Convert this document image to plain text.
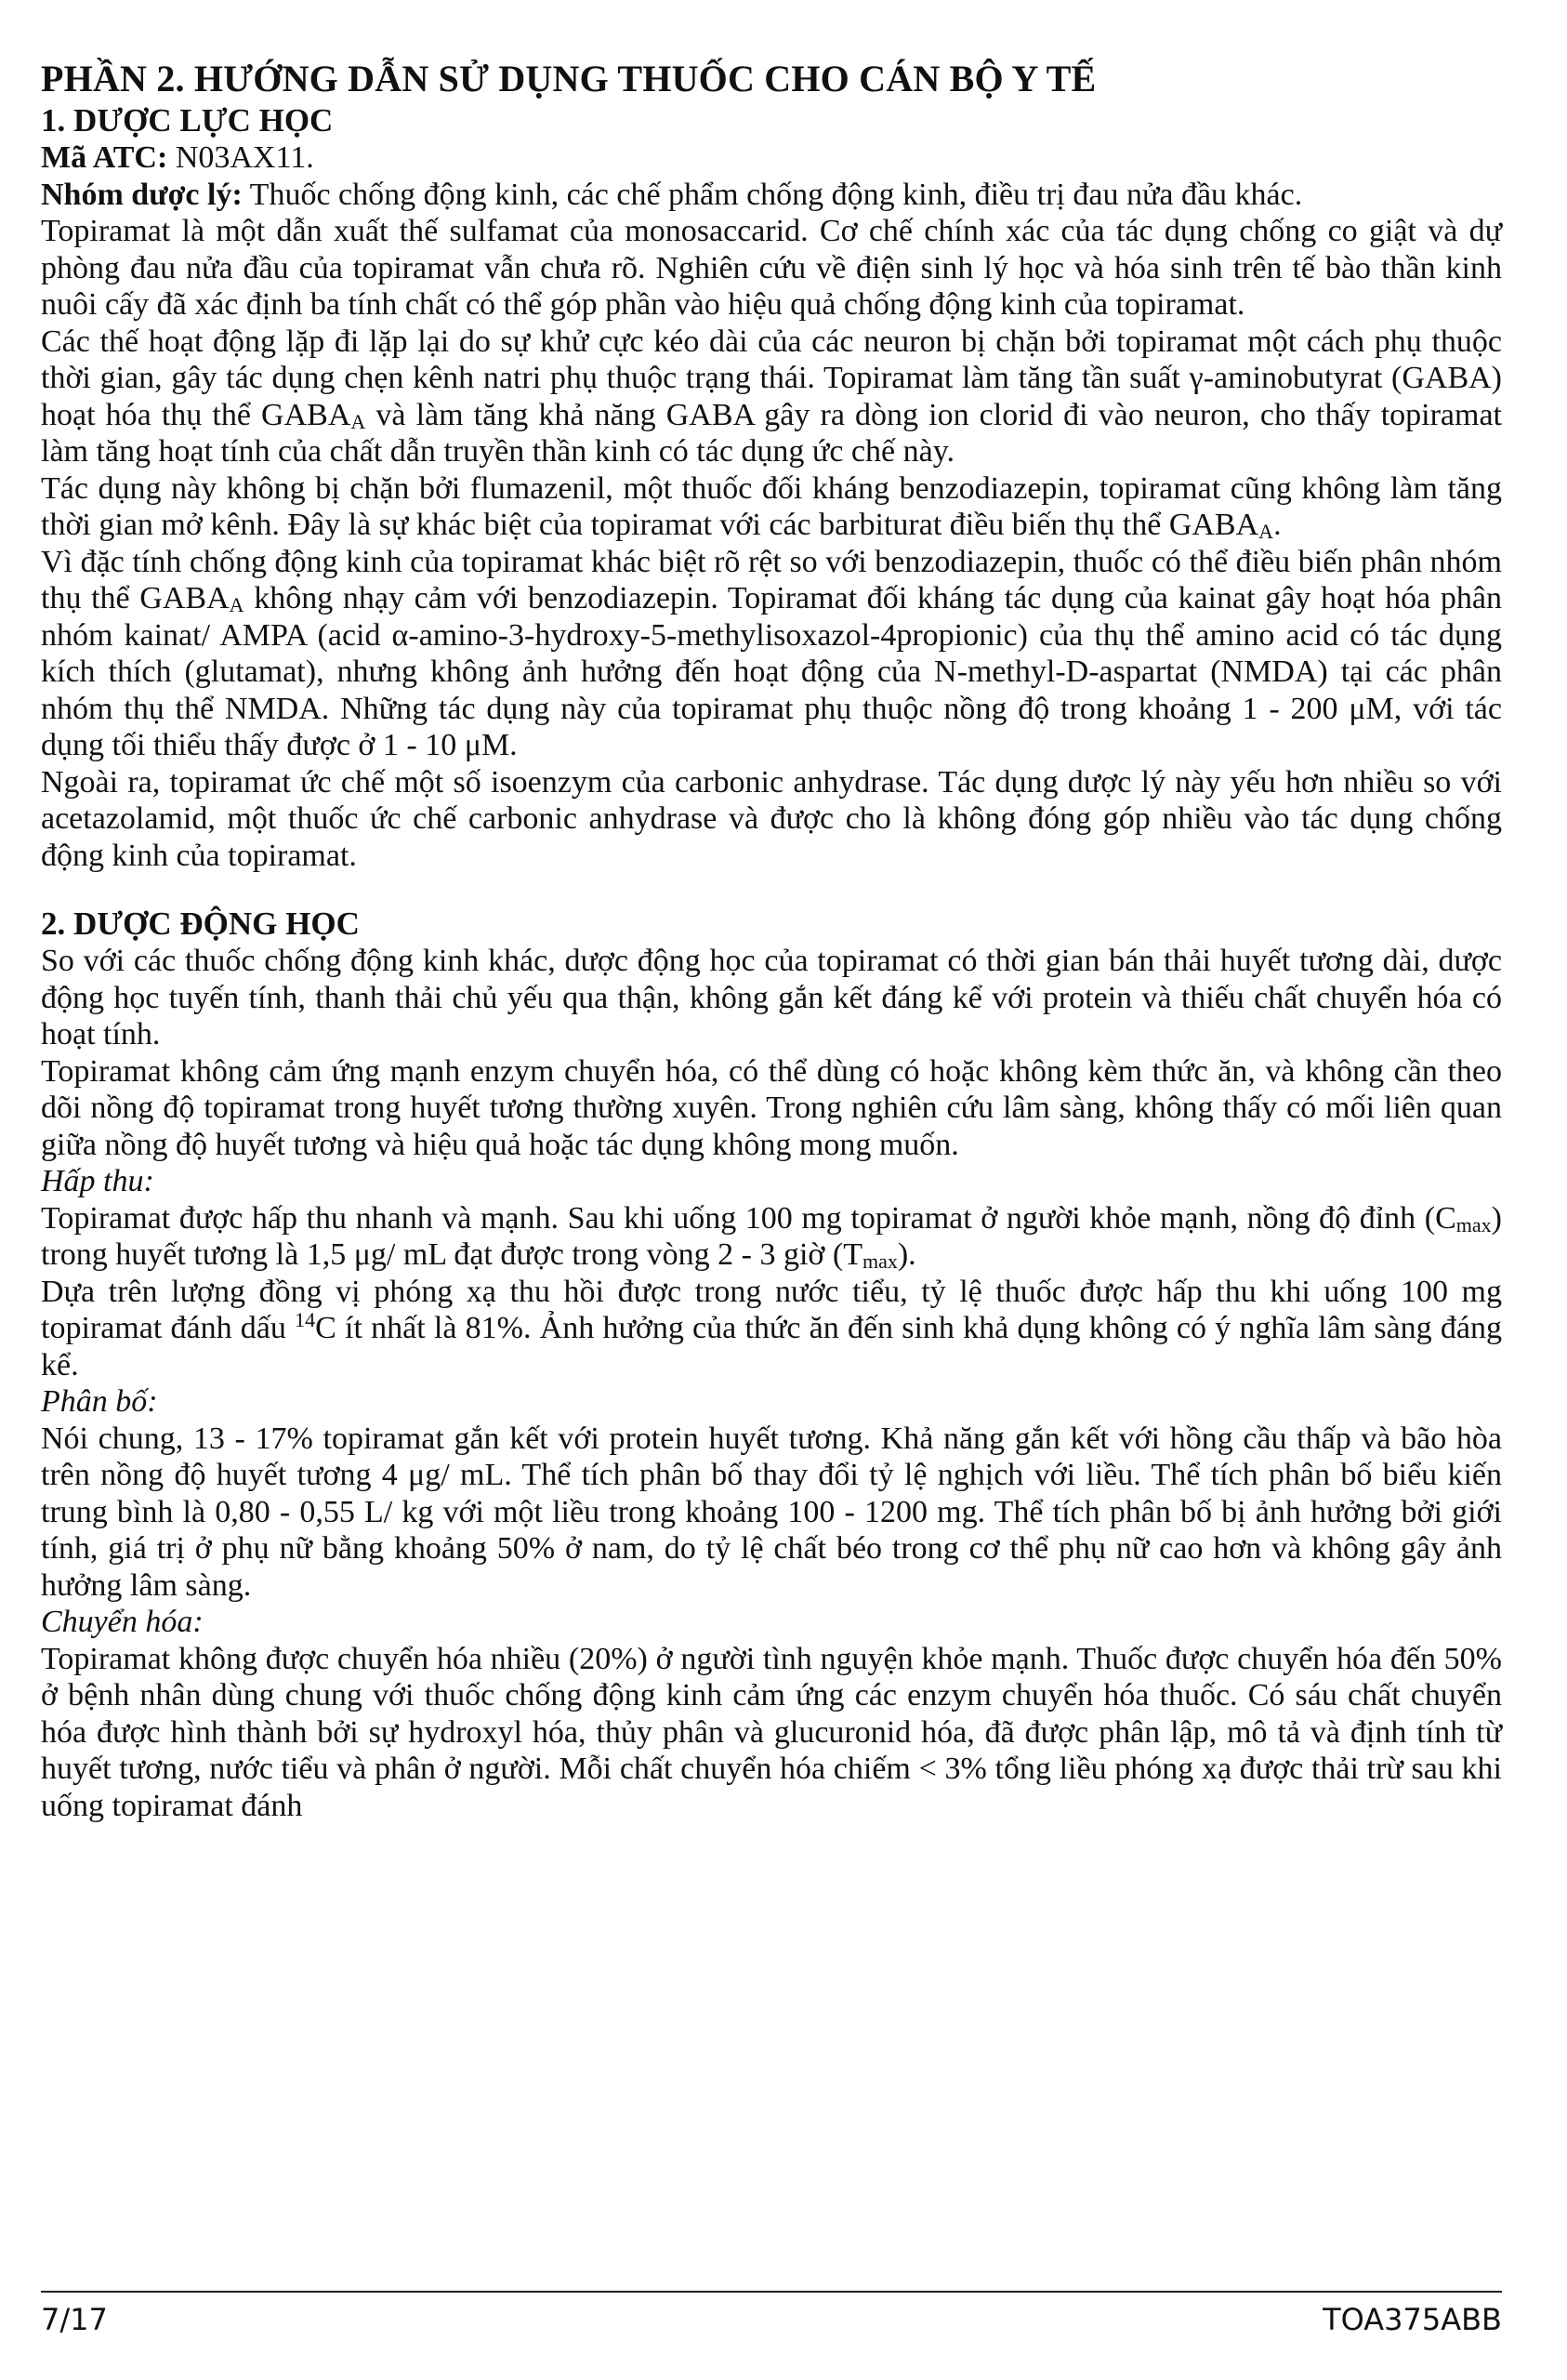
PHẦN 2. HƯỚNG DẪN SỬ DỤNG THUỐC CHO CÁN BỘ Y TẾ
1. DƯỢC LỰC HỌC

Mã ATC: N03AX11.

Nhóm dược lý: Thuốc chống động kinh, các chế phẩm chống động kinh, điều trị đau nửa đầu khác.

Topiramat là một dẫn xuất thế sulfamat của monosaccarid. Cơ chế chính xác của tác dụng chống co giật và dự phòng đau nửa đầu của topiramat vẫn chưa rõ. Nghiên cứu về điện sinh lý học và hóa sinh trên tế bào thần kinh nuôi cấy đã xác định ba tính chất có thể góp phần vào hiệu quả chống động kinh của topiramat.

Các thế hoạt động lặp đi lặp lại do sự khử cực kéo dài của các neuron bị chặn bởi topiramat một cách phụ thuộc thời gian, gây tác dụng chẹn kênh natri phụ thuộc trạng thái. Topiramat làm tăng tần suất γ-aminobutyrat (GABA) hoạt hóa thụ thể $GABA_A$ và làm tăng khả năng GABA gây ra dòng ion clorid đi vào neuron, cho thấy topiramat làm tăng hoạt tính của chất dẫn truyền thần kinh có tác dụng ức chế này.

Tác dụng này không bị chặn bởi flumazenil, một thuốc đối kháng benzodiazepin, topiramat cũng không làm tăng thời gian mở kênh. Đây là sự khác biệt của topiramat với các barbiturat điều biến thụ thể $GABA_A$.

Vì đặc tính chống động kinh của topiramat khác biệt rõ rệt so với benzodiazepin, thuốc có thể điều biến phân nhóm thụ thể $GABA_A$ không nhạy cảm với benzodiazepin. Topiramat đối kháng tác dụng của kainat gây hoạt hóa phân nhóm kainat/ AMPA (acid α-amino-3-hydroxy-5-methylisoxazol-4propionic) của thụ thể amino acid có tác dụng kích thích (glutamat), nhưng không ảnh hưởng đến hoạt động của N-methyl-D-aspartat (NMDA) tại các phân nhóm thụ thể NMDA. Những tác dụng này của topiramat phụ thuộc nồng độ trong khoảng 1 - 200 μM, với tác dụng tối thiểu thấy được ở 1 - 10 μM.

Ngoài ra, topiramat ức chế một số isoenzym của carbonic anhydrase. Tác dụng dược lý này yếu hơn nhiều so với acetazolamid, một thuốc ức chế carbonic anhydrase và được cho là không đóng góp nhiều vào tác dụng chống động kinh của topiramat.

2. DƯỢC ĐỘNG HỌC

So với các thuốc chống động kinh khác, dược động học của topiramat có thời gian bán thải huyết tương dài, dược động học tuyến tính, thanh thải chủ yếu qua thận, không gắn kết đáng kể với protein và thiếu chất chuyển hóa có hoạt tính.

Topiramat không cảm ứng mạnh enzym chuyển hóa, có thể dùng có hoặc không kèm thức ăn, và không cần theo dõi nồng độ topiramat trong huyết tương thường xuyên. Trong nghiên cứu lâm sàng, không thấy có mối liên quan giữa nồng độ huyết tương và hiệu quả hoặc tác dụng không mong muốn.

Hấp thu:

Topiramat được hấp thu nhanh và mạnh. Sau khi uống 100 mg topiramat ở người khỏe mạnh, nồng độ đỉnh $(C_{max})$ trong huyết tương là 1,5 μg/ mL đạt được trong vòng 2 - 3 giờ $(T_{max})$.

Dựa trên lượng đồng vị phóng xạ thu hồi được trong nước tiểu, tỷ lệ thuốc được hấp thu khi uống 100 mg topiramat đánh dấu $^{14}$C ít nhất là 81%. Ảnh hưởng của thức ăn đến sinh khả dụng không có ý nghĩa lâm sàng đáng kể.

Phân bố:

Nói chung, 13 - 17% topiramat gắn kết với protein huyết tương. Khả năng gắn kết với hồng cầu thấp và bão hòa trên nồng độ huyết tương 4 μg/ mL. Thể tích phân bố thay đổi tỷ lệ nghịch với liều. Thể tích phân bố biểu kiến trung bình là 0,80 - 0,55 L/ kg với một liều trong khoảng 100 - 1200 mg. Thể tích phân bố bị ảnh hưởng bởi giới tính, giá trị ở phụ nữ bằng khoảng 50% ở nam, do tỷ lệ chất béo trong cơ thể phụ nữ cao hơn và không gây ảnh hưởng lâm sàng.

Chuyển hóa:

Topiramat không được chuyển hóa nhiều (20%) ở người tình nguyện khỏe mạnh. Thuốc được chuyển hóa đến 50% ở bệnh nhân dùng chung với thuốc chống động kinh cảm ứng các enzym chuyển hóa thuốc. Có sáu chất chuyển hóa được hình thành bởi sự hydroxyl hóa, thủy phân và glucuronid hóa, đã được phân lập, mô tả và định tính từ huyết tương, nước tiểu và phân ở người. Mỗi chất chuyển hóa chiếm < 3% tổng liều phóng xạ được thải trừ sau khi uống topiramat đánh

7/17	TOA375ABB
